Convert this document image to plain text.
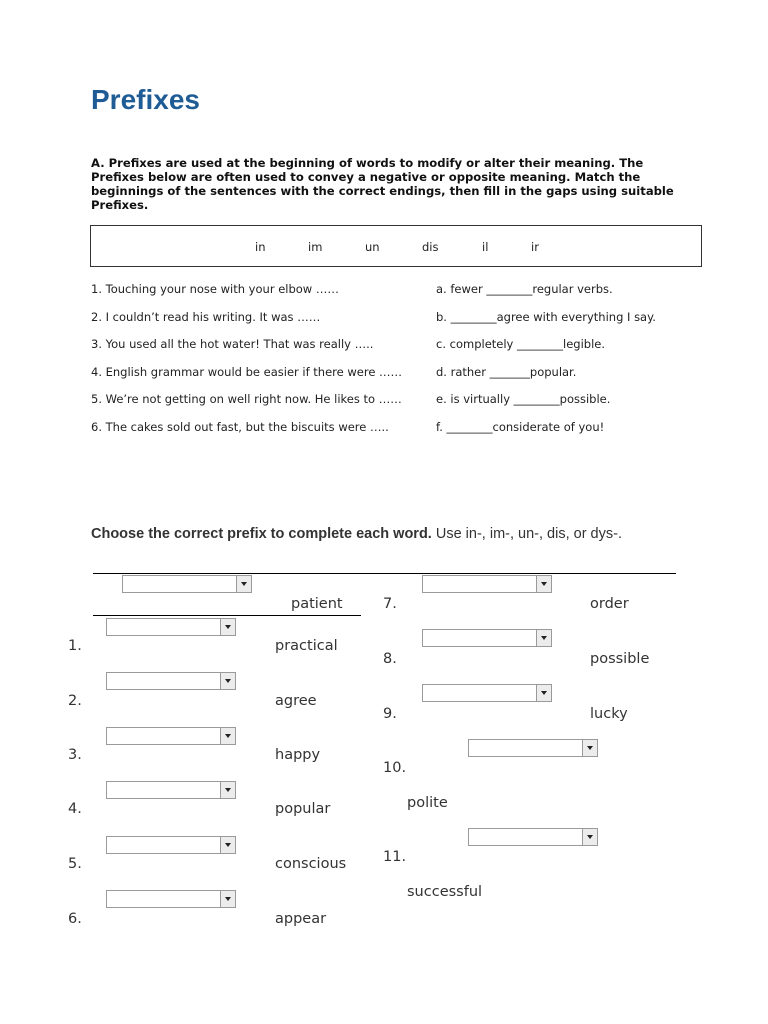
Prefixes

A. Prefixes are used at the beginning of words to modify or alter their meaning. The Prefixes below are often used to convey a negative or opposite meaning. Match the beginnings of the sentences with the correct endings, then fill in the gaps using suitable Prefixes.

in	im	un	dis	il	ir
1. Touching your nose with your elbow ……
2. I couldn’t read his writing. It was ……
3. You used all the hot water! That was really …..
4. English grammar would be easier if there were ……
5. We’re not getting on well right now. He likes to ……
6. The cakes sold out fast, but the biscuits were …..
a. fewer ________regular verbs.
b. ________agree with everything I say.
c. completely ________legible.
d. rather _______popular.
e. is virtually ________possible.
f. ________considerate of you!
Choose the correct prefix to complete each word. Use in-, im-, un-, dis, or dys-.
patient
1.	practical
2.	agree
3.	happy
4.	popular
5.	conscious
6.	appear
7.	order
8.	possible
9.	lucky
10.
polite
11.
successful
